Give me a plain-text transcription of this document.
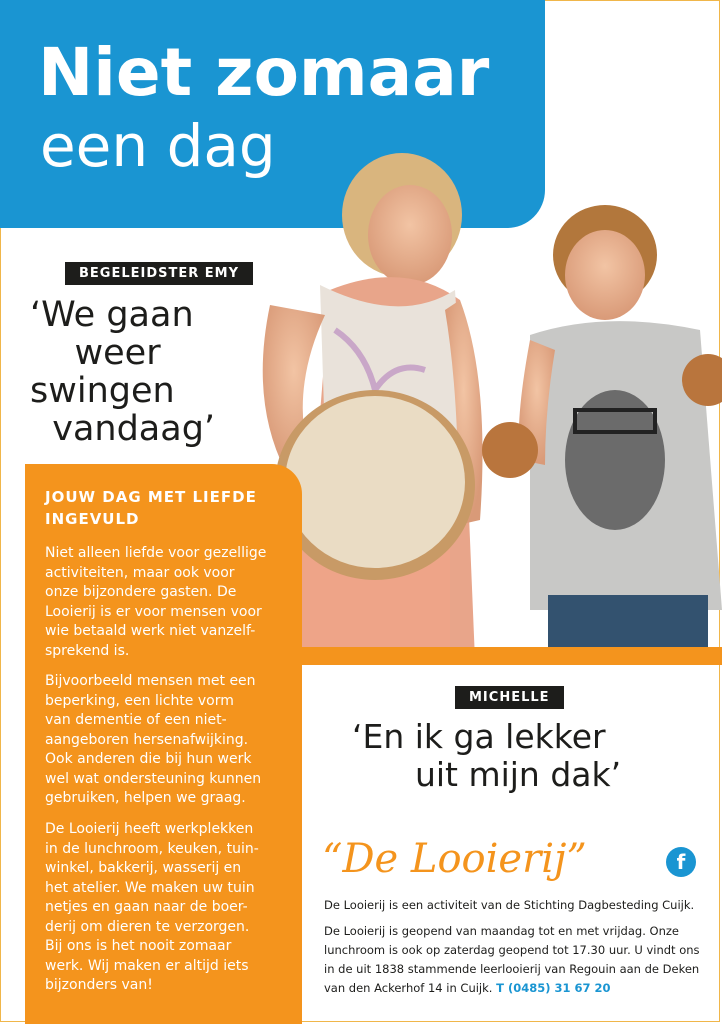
Niet zomaar
een dag
BEGELEIDSTER EMY
‘We gaan
weer
swingen
vandaag’
JOUW DAG MET LIEFDE INGEVULD
Niet alleen liefde voor gezellige
activiteiten, maar ook voor
onze bijzondere gasten. De
Looierij is er voor mensen voor
wie betaald werk niet vanzelf-
sprekend is.
Bijvoorbeeld mensen met een
beperking, een lichte vorm
van dementie of een niet-
aangeboren hersenafwijking.
Ook anderen die bij hun werk
wel wat ondersteuning kunnen
gebruiken, helpen we graag.
De Looierij heeft werkplekken
in de lunchroom, keuken, tuin-
winkel, bakkerij, wasserij en
het atelier. We maken uw tuin
netjes en gaan naar de boer-
derij om dieren te verzorgen.
Bij ons is het nooit zomaar
werk. Wij maken er altijd iets
bijzonders van!
MICHELLE
‘En ik ga lekker
uit mijn dak’
“De Looierij”	f
De Looierij is een activiteit van de Stichting Dagbesteding Cuijk.
De Looierij is geopend van maandag tot en met vrijdag. Onze lunchroom is ook op zaterdag geopend tot 17.30 uur. U vindt ons in de uit 1838 stammende leerlooierij van Regouin aan de Deken van den Ackerhof 14 in Cuijk. T (0485) 31 67 20
